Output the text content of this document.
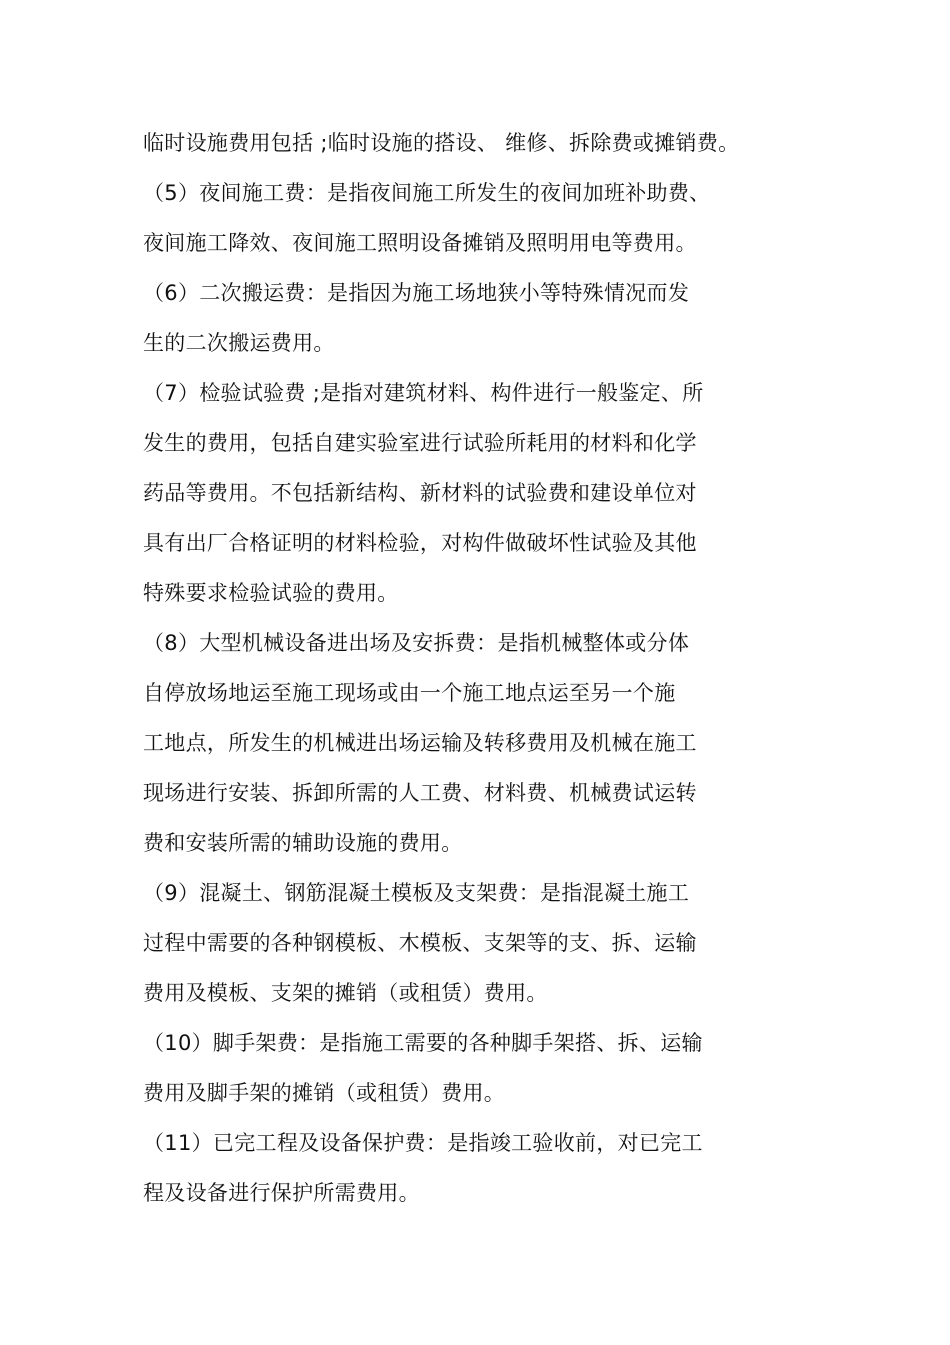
临时设施费用包括 ;临时设施的搭设、 维修、拆除费或摊销费。
（5）夜间施工费：是指夜间施工所发生的夜间加班补助费、
夜间施工降效、夜间施工照明设备摊销及照明用电等费用。
（6）二次搬运费：是指因为施工场地狭小等特殊情况而发
生的二次搬运费用。
（7）检验试验费 ;是指对建筑材料、构件进行一般鉴定、所
发生的费用，包括自建实验室进行试验所耗用的材料和化学
药品等费用。不包括新结构、新材料的试验费和建设单位对
具有出厂合格证明的材料检验，对构件做破坏性试验及其他
特殊要求检验试验的费用。
（8）大型机械设备进出场及安拆费：是指机械整体或分体
自停放场地运至施工现场或由一个施工地点运至另一个施
工地点，所发生的机械进出场运输及转移费用及机械在施工
现场进行安装、拆卸所需的人工费、材料费、机械费试运转
费和安装所需的辅助设施的费用。
（9）混凝土、钢筋混凝土模板及支架费：是指混凝土施工
过程中需要的各种钢模板、木模板、支架等的支、拆、运输
费用及模板、支架的摊销（或租赁）费用。
（10）脚手架费：是指施工需要的各种脚手架搭、拆、运输
费用及脚手架的摊销（或租赁）费用。
（11）已完工程及设备保护费：是指竣工验收前，对已完工
程及设备进行保护所需费用。
